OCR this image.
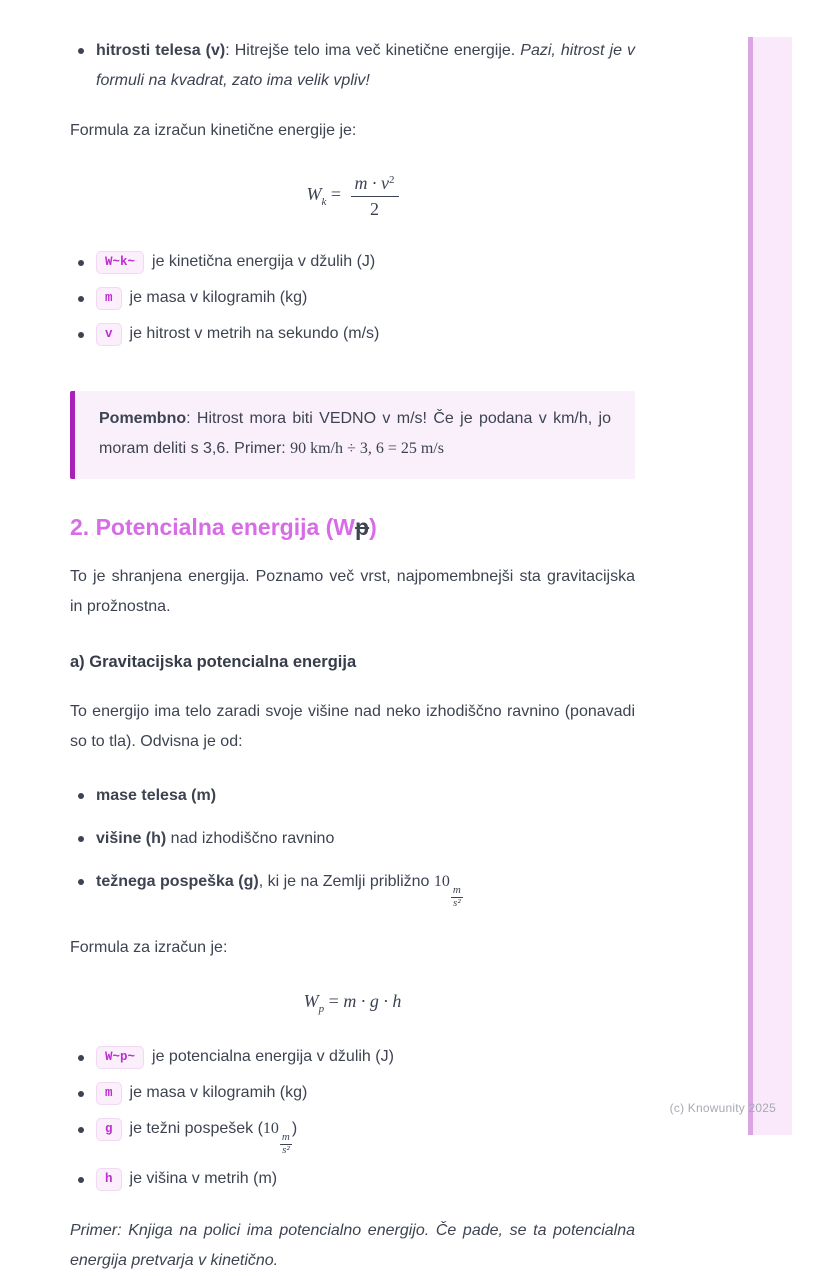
hitrosti telesa (v): Hitrejše telo ima več kinetične energije. Pazi, hitrost je v formuli na kvadrat, zato ima velik vpliv!

Formula za izračun kinetične energije je:

$W_k = \frac{m \cdot v^2}{2}$
W~k~ je kinetična energija v džulih (J)
m je masa v kilogramih (kg)
v je hitrost v metrih na sekundo (m/s)

Pomembno: Hitrost mora biti VEDNO v m/s! Če je podana v km/h, jo moram deliti s 3,6. Primer: 90 km/h ÷ 3, 6 = 25 m/s

2. Potencialna energija (Wp)

To je shranjena energija. Poznamo več vrst, najpomembnejši sta gravitacijska in prožnostna.

a) Gravitacijska potencialna energija

To energijo ima telo zaradi svoje višine nad neko izhodiščno ravnino (ponavadi so to tla). Odvisna je od:

mase telesa (m)
višine (h) nad izhodiščno ravnino
težnega pospeška (g), ki je na Zemlji približno 10
$\frac{m}{\text{s²}}$

Formula za izračun je:

$W_p = m \cdot g \cdot h$
W~p~ je potencialna energija v džulih (J)
m je masa v kilogramih (kg)
g je težni pospešek (10
$\frac{m}{\text{s²}}$
)
h je višina v metrih (m)

Primer: Knjiga na polici ima potencialno energijo. Če pade, se ta potencialna energija pretvarja v kinetično.

(c) Knowunity 2025
